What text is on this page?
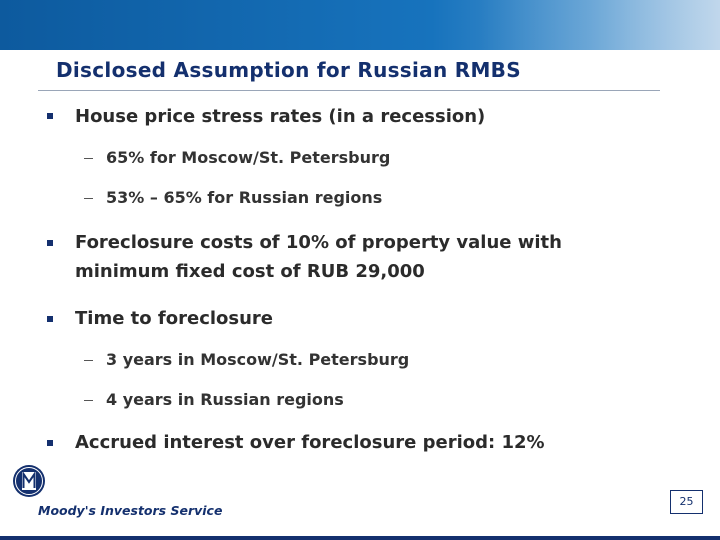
Disclosed Assumption for Russian RMBS
House price stress rates (in a recession)
65% for Moscow/St. Petersburg
53% – 65% for Russian regions
Foreclosure costs of 10% of property value with
minimum fixed cost of RUB 29,000
Time to foreclosure
3 years in Moscow/St. Petersburg
4 years in Russian regions
Accrued interest over foreclosure period: 12%
Moody's Investors Service
25
